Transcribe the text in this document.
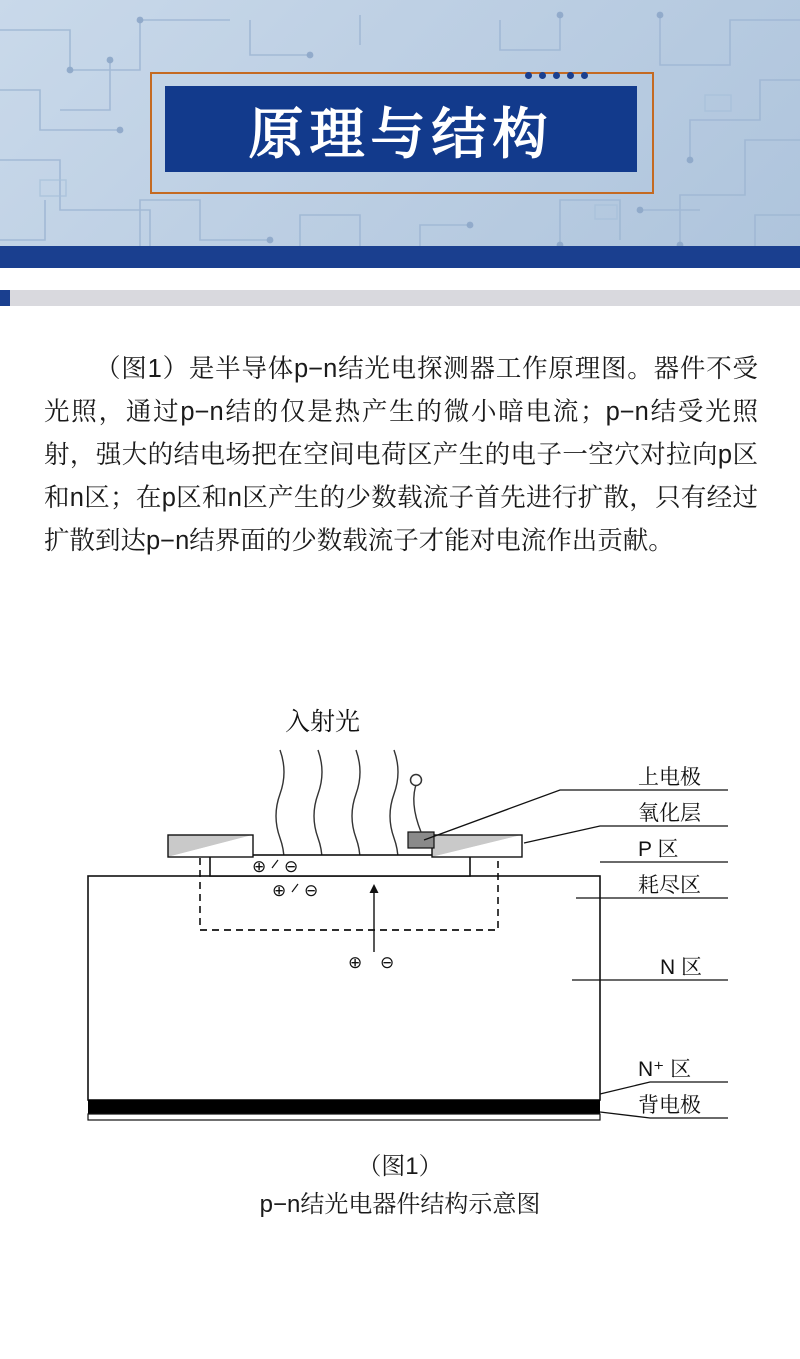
原理与结构
（图1）是半导体p−n结光电探测器工作原理图。器件不受光照，通过p−n结的仅是热产生的微小暗电流；p−n结受光照射，强大的结电场把在空间电荷区产生的电子一空穴对拉向p区和n区；在p区和n区产生的少数载流子首先进行扩散，只有经过扩散到达p−n结界面的少数载流子才能对电流作出贡献。
⊕ ⊖
⊕ ⊖
⊕ ⊖
上电极
氧化层
P 区
耗尽区
N 区
N⁺ 区
背电极
入射光
（图1）
p−n结光电器件结构示意图
